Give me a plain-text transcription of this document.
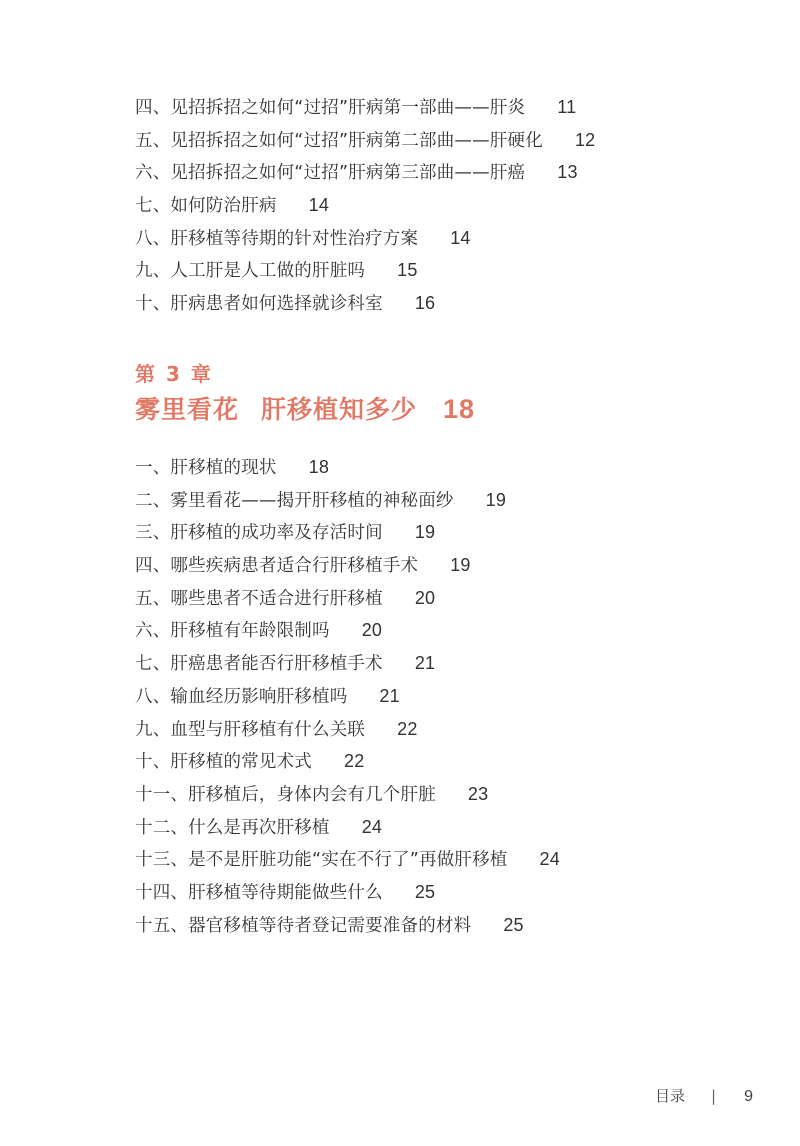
四、见招拆招之如何“过招”肝病第一部曲——肝炎 11
五、见招拆招之如何“过招”肝病第二部曲——肝硬化 12
六、见招拆招之如何“过招”肝病第三部曲——肝癌 13
七、如何防治肝病 14
八、肝移植等待期的针对性治疗方案 14
九、人工肝是人工做的肝脏吗 15
十、肝病患者如何选择就诊科室 16
第 3 章
雾里看花 肝移植知多少 18
一、肝移植的现状 18
二、雾里看花——揭开肝移植的神秘面纱 19
三、肝移植的成功率及存活时间 19
四、哪些疾病患者适合行肝移植手术 19
五、哪些患者不适合进行肝移植 20
六、肝移植有年龄限制吗 20
七、肝癌患者能否行肝移植手术 21
八、输血经历影响肝移植吗 21
九、血型与肝移植有什么关联 22
十、肝移植的常见术式 22
十一、肝移植后，身体内会有几个肝脏 23
十二、什么是再次肝移植 24
十三、是不是肝脏功能“实在不行了”再做肝移植 24
十四、肝移植等待期能做些什么 25
十五、器官移植等待者登记需要准备的材料 25
目录 | 9
